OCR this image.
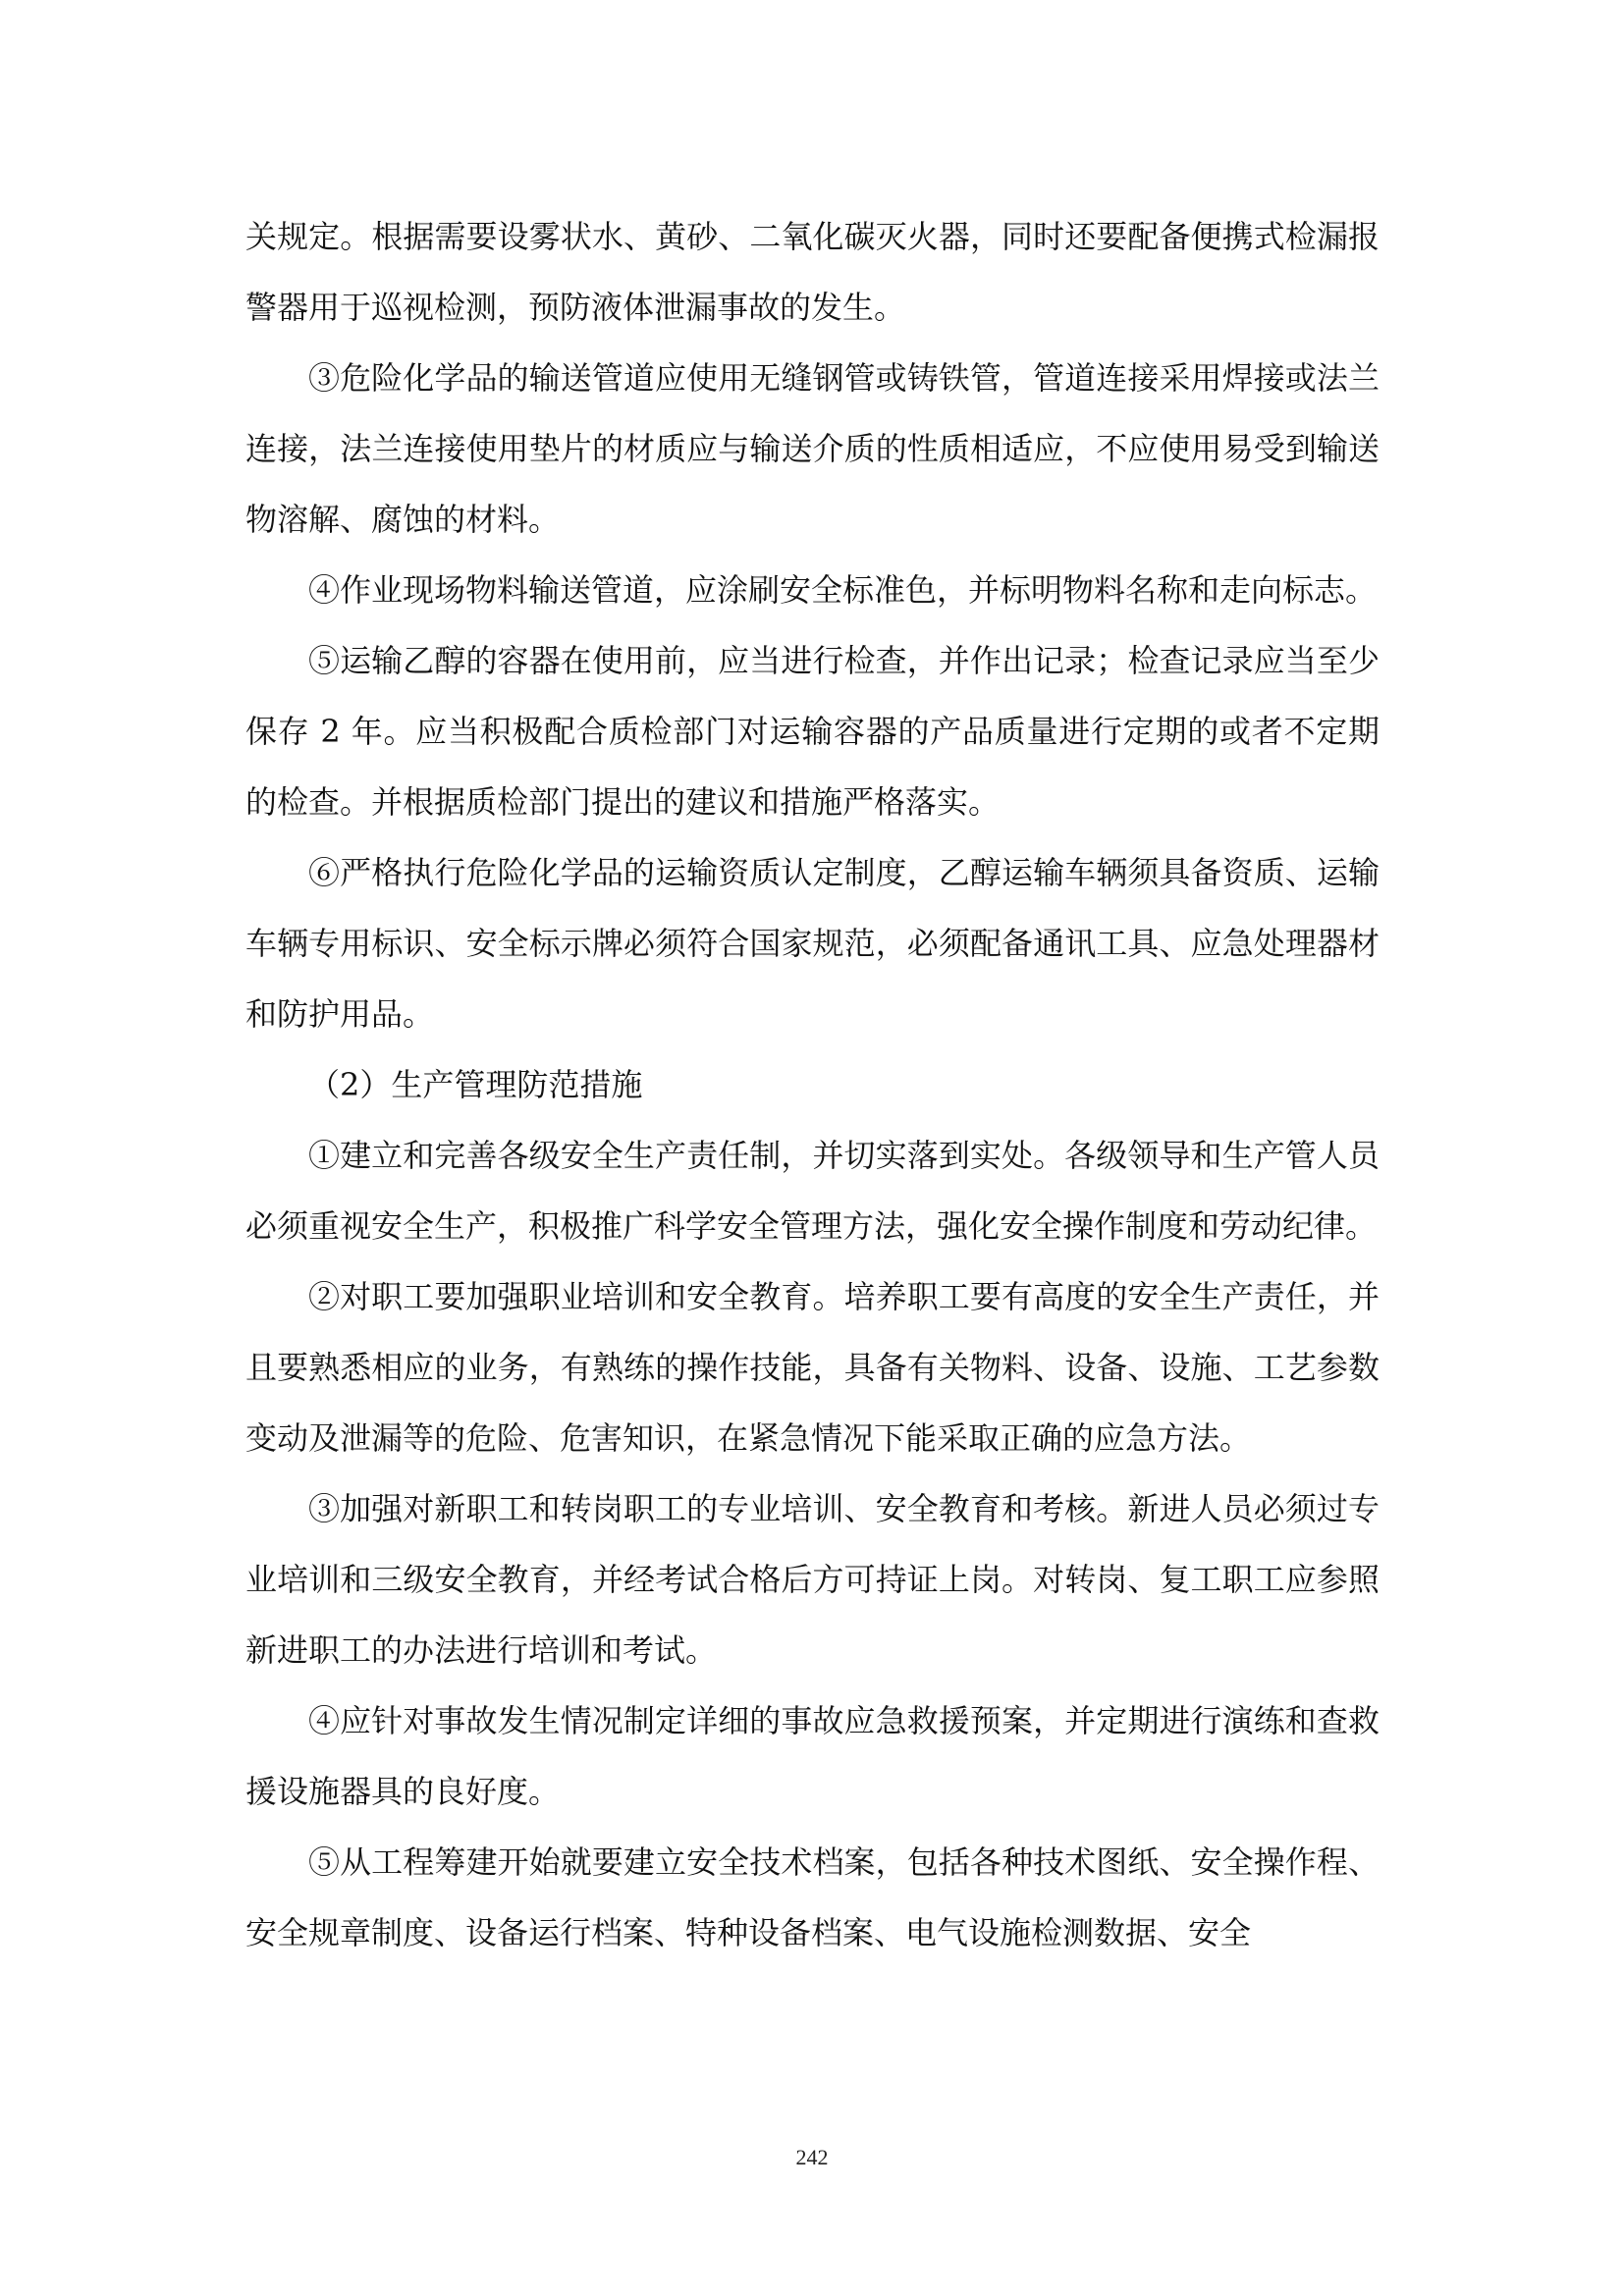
关规定。根据需要设雾状水、黄砂、二氧化碳灭火器，同时还要配备便携式检漏报警器用于巡视检测，预防液体泄漏事故的发生。

③危险化学品的输送管道应使用无缝钢管或铸铁管，管道连接采用焊接或法兰连接，法兰连接使用垫片的材质应与输送介质的性质相适应，不应使用易受到输送物溶解、腐蚀的材料。

④作业现场物料输送管道，应涂刷安全标准色，并标明物料名称和走向标志。

⑤运输乙醇的容器在使用前，应当进行检查，并作出记录；检查记录应当至少保存 2 年。应当积极配合质检部门对运输容器的产品质量进行定期的或者不定期的检查。并根据质检部门提出的建议和措施严格落实。

⑥严格执行危险化学品的运输资质认定制度，乙醇运输车辆须具备资质、运输车辆专用标识、安全标示牌必须符合国家规范，必须配备通讯工具、应急处理器材和防护用品。

（2）生产管理防范措施

①建立和完善各级安全生产责任制，并切实落到实处。各级领导和生产管人员必须重视安全生产，积极推广科学安全管理方法，强化安全操作制度和劳动纪律。

②对职工要加强职业培训和安全教育。培养职工要有高度的安全生产责任，并且要熟悉相应的业务，有熟练的操作技能，具备有关物料、设备、设施、工艺参数变动及泄漏等的危险、危害知识，在紧急情况下能采取正确的应急方法。

③加强对新职工和转岗职工的专业培训、安全教育和考核。新进人员必须过专业培训和三级安全教育，并经考试合格后方可持证上岗。对转岗、复工职工应参照新进职工的办法进行培训和考试。

④应针对事故发生情况制定详细的事故应急救援预案，并定期进行演练和查救援设施器具的良好度。

⑤从工程筹建开始就要建立安全技术档案，包括各种技术图纸、安全操作程、安全规章制度、设备运行档案、特种设备档案、电气设施检测数据、安全

242
